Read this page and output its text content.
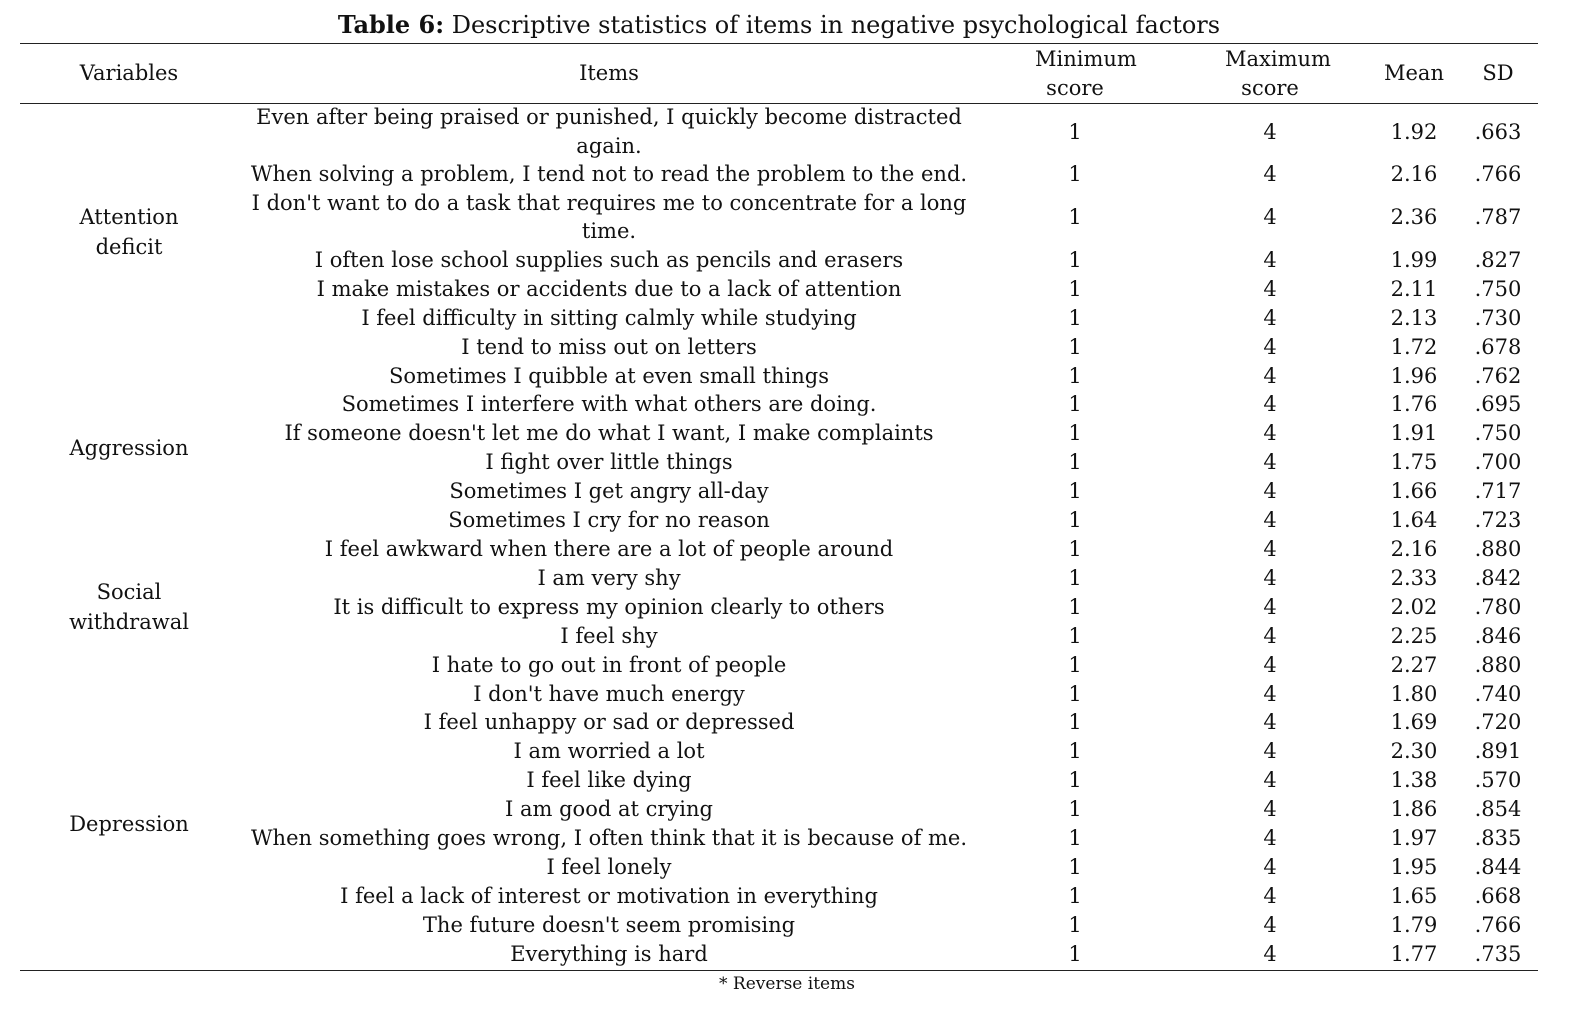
Table 6: Descriptive statistics of items in negative psychological factors
Variables	Items	Minimum score	Maximum score	Mean	SD
Attention deficit	Even after being praised or punished, I quickly become distracted again.	1	4	1.92	.663
	When solving a problem, I tend not to read the problem to the end.	1	4	2.16	.766
	I don't want to do a task that requires me to concentrate for a long time.	1	4	2.36	.787
	I often lose school supplies such as pencils and erasers	1	4	1.99	.827
	I make mistakes or accidents due to a lack of attention	1	4	2.11	.750
	I feel difficulty in sitting calmly while studying	1	4	2.13	.730
	I tend to miss out on letters	1	4	1.72	.678
Aggression	Sometimes I quibble at even small things	1	4	1.96	.762
	Sometimes I interfere with what others are doing.	1	4	1.76	.695
	If someone doesn't let me do what I want, I make complaints	1	4	1.91	.750
	I fight over little things	1	4	1.75	.700
	Sometimes I get angry all-day	1	4	1.66	.717
	Sometimes I cry for no reason	1	4	1.64	.723
Social withdrawal	I feel awkward when there are a lot of people around	1	4	2.16	.880
	I am very shy	1	4	2.33	.842
	It is difficult to express my opinion clearly to others	1	4	2.02	.780
	I feel shy	1	4	2.25	.846
	I hate to go out in front of people	1	4	2.27	.880
Depression	I don't have much energy	1	4	1.80	.740
	I feel unhappy or sad or depressed	1	4	1.69	.720
	I am worried a lot	1	4	2.30	.891
	I feel like dying	1	4	1.38	.570
	I am good at crying	1	4	1.86	.854
	When something goes wrong, I often think that it is because of me.	1	4	1.97	.835
	I feel lonely	1	4	1.95	.844
	I feel a lack of interest or motivation in everything	1	4	1.65	.668
	The future doesn't seem promising	1	4	1.79	.766
	Everything is hard	1	4	1.77	.735
* Reverse items
